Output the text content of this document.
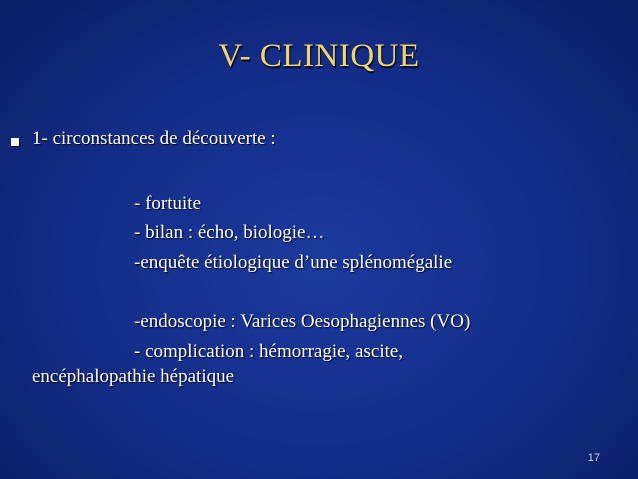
V- CLINIQUE
1- circonstances de découverte :
- fortuite
- bilan : écho, biologie…
-enquête étiologique d’une splénomégalie
-endoscopie : Varices Oesophagiennes (VO)
- complication : hémorragie, ascite,
encéphalopathie hépatique
17
